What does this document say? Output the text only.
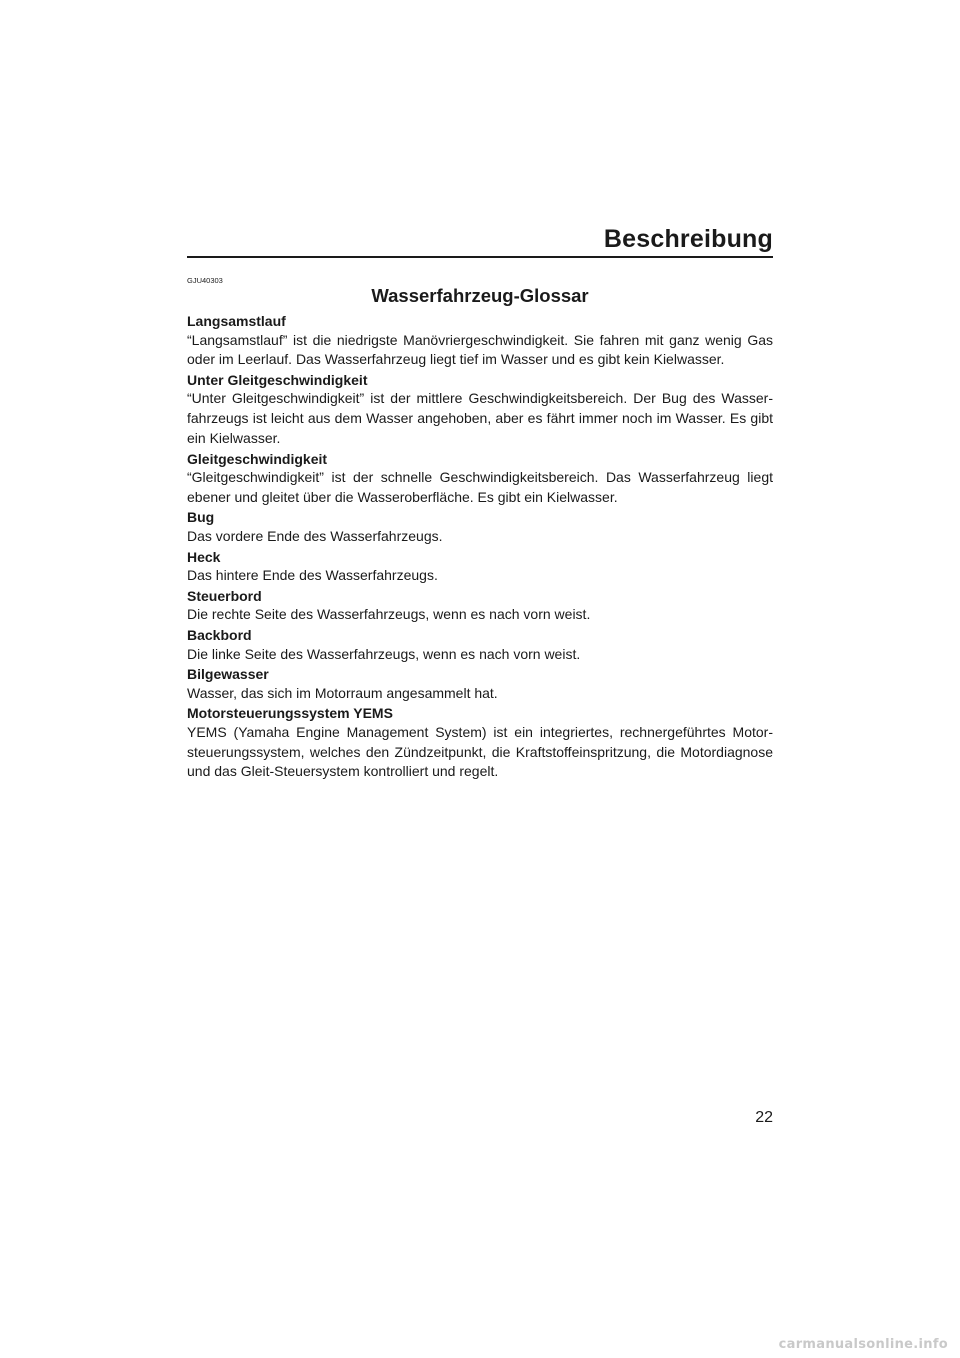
Beschreibung

GJU40303

Wasserfahrzeug-Glossar

Langsamstlauf

“Langsamstlauf” ist die niedrigste Manövriergeschwindigkeit. Sie fahren mit ganz wenig Gas oder im Leerlauf. Das Wasserfahrzeug liegt tief im Wasser und es gibt kein Kielwasser.

Unter Gleitgeschwindigkeit

“Unter Gleitgeschwindigkeit” ist der mittlere Geschwindigkeitsbereich. Der Bug des Wasser-fahrzeugs ist leicht aus dem Wasser angehoben, aber es fährt immer noch im Wasser. Es gibt ein Kielwasser.

Gleitgeschwindigkeit

“Gleitgeschwindigkeit” ist der schnelle Geschwindigkeitsbereich. Das Wasserfahrzeug liegt ebener und gleitet über die Wasseroberfläche. Es gibt ein Kielwasser.

Bug

Das vordere Ende des Wasserfahrzeugs.

Heck

Das hintere Ende des Wasserfahrzeugs.

Steuerbord

Die rechte Seite des Wasserfahrzeugs, wenn es nach vorn weist.

Backbord

Die linke Seite des Wasserfahrzeugs, wenn es nach vorn weist.

Bilgewasser

Wasser, das sich im Motorraum angesammelt hat.

Motorsteuerungssystem YEMS

YEMS (Yamaha Engine Management System) ist ein integriertes, rechnergeführtes Motor-steuerungssystem, welches den Zündzeitpunkt, die Kraftstoffeinspritzung, die Motordiagnose und das Gleit-Steuersystem kontrolliert und regelt.

22

carmanualsonline.info
